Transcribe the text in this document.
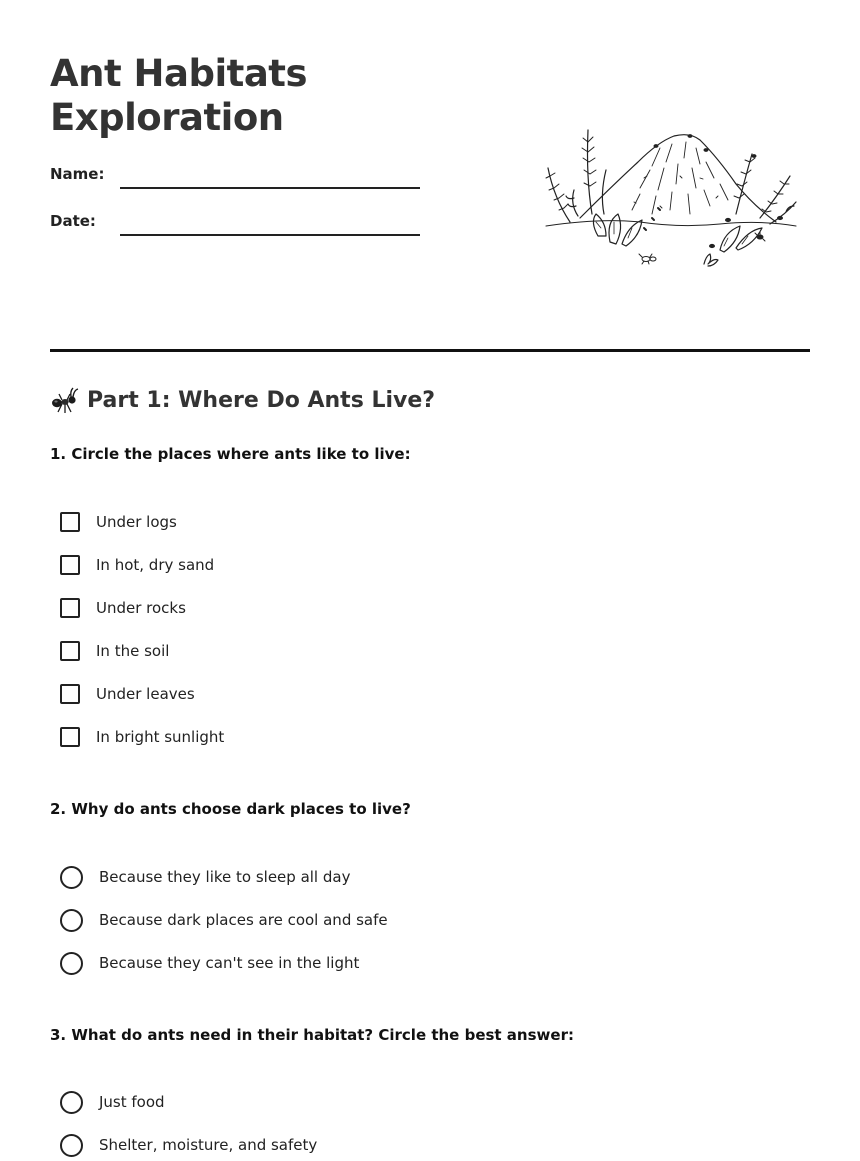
Ant Habitats
Exploration
Name:
Date:
Part 1: Where Do Ants Live?

1. Circle the places where ants like to live:

Under logs
In hot, dry sand
Under rocks
In the soil
Under leaves
In bright sunlight

2. Why do ants choose dark places to live?

Because they like to sleep all day
Because dark places are cool and safe
Because they can't see in the light

3. What do ants need in their habitat? Circle the best answer:

Just food
Shelter, moisture, and safety
